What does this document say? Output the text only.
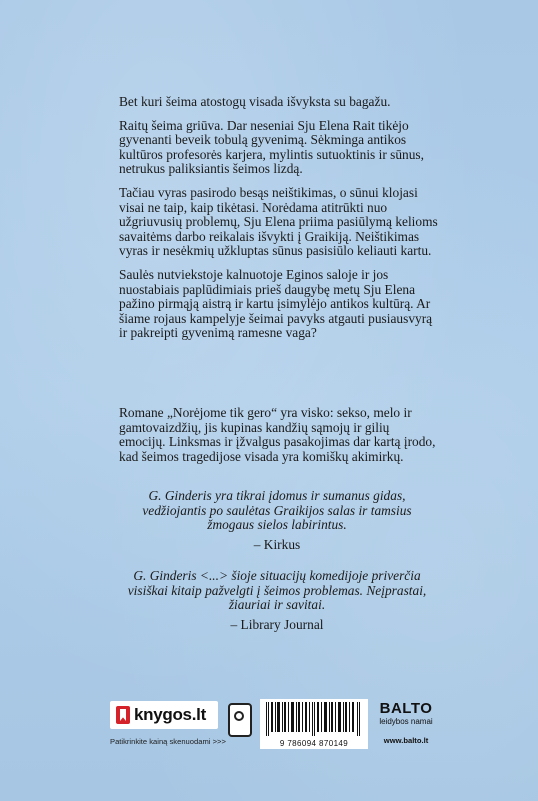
Bet kuri šeima atostogų visada išvyksta su bagažu.

Raitų šeima griūva. Dar neseniai Sju Elena Rait tikėjo gyvenanti beveik tobulą gyvenimą. Sėkminga antikos kultūros profesorės karjera, mylintis sutuoktinis ir sūnus, netrukus paliksiantis šeimos lizdą.

Tačiau vyras pasirodo besąs neištikimas, o sūnui klojasi visai ne taip, kaip tikėtasi. Norėdama atitrūkti nuo užgriuvusių problemų, Sju Elena priima pasiūlymą kelioms savaitėms darbo reikalais išvykti į Graikiją. Neištikimas vyras ir nesėkmių užkluptas sūnus pasisiūlo keliauti kartu.

Saulės nutviekstoje kalnuotoje Eginos saloje ir jos nuostabiais paplūdimiais prieš daugybę metų Sju Elena pažino pirmąją aistrą ir kartu įsimylėjo antikos kultūrą. Ar šiame rojaus kampelyje šeimai pavyks atgauti pusiausvyrą ir pakreipti gyvenimą ramesne vaga?

Romane „Norėjome tik gero“ yra visko: sekso, melo ir gamtovaizdžių, jis kupinas kandžių sąmojų ir gilių emocijų. Linksmas ir įžvalgus pasakojimas dar kartą įrodo, kad šeimos tragedijose visada yra komiškų akimirkų.

G. Ginderis yra tikrai įdomus ir sumanus gidas, vedžiojantis po saulėtas Graikijos salas ir tamsius žmogaus sielos labirintus.

– Kirkus

G. Ginderis <...> šioje situacijų komedijoje priverčia visiškai kitaip pažvelgti į šeimos problemas. Neįprastai, žiauriai ir savitai.

– Library Journal

knygos.lt
Patikrinkite kainą skenuodami >>>	9 786094 870149
BALTO
leidybos namai
www.balto.lt
